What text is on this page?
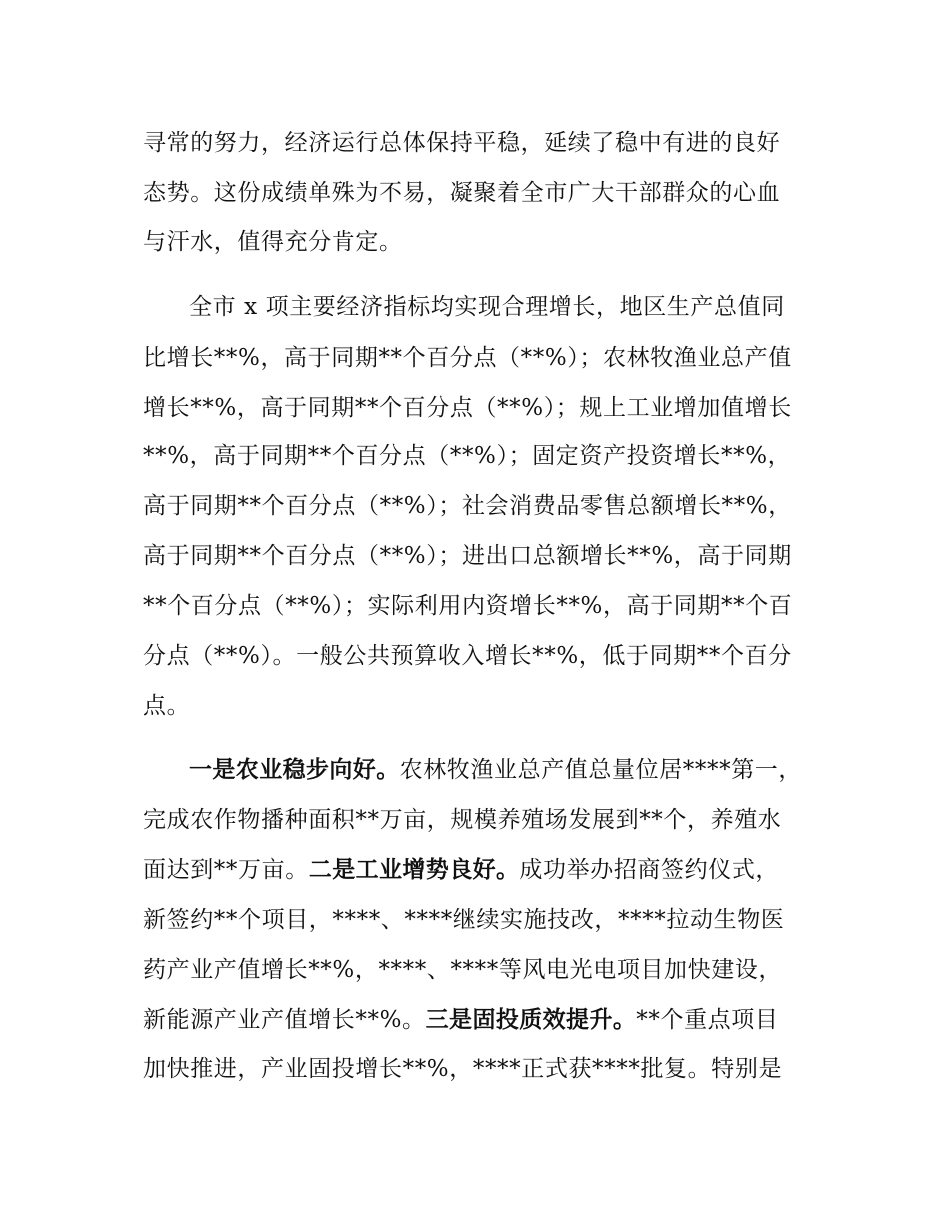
寻常的努力，经济运行总体保持平稳，延续了稳中有进的良好
态势。这份成绩单殊为不易，凝聚着全市广大干部群众的心血
与汗水，值得充分肯定。
全市 x 项主要经济指标均实现合理增长，地区生产总值同
比增长**%，高于同期**个百分点（**%）；农林牧渔业总产值
增长**%，高于同期**个百分点（**%）；规上工业增加值增长
**%，高于同期**个百分点（**%）；固定资产投资增长**%，
高于同期**个百分点（**%）；社会消费品零售总额增长**%，
高于同期**个百分点（**%）；进出口总额增长**%，高于同期
**个百分点（**%）；实际利用内资增长**%，高于同期**个百
分点（**%）。一般公共预算收入增长**%，低于同期**个百分
点。
一是农业稳步向好。农林牧渔业总产值总量位居****第一，
完成农作物播种面积**万亩，规模养殖场发展到**个，养殖水
面达到**万亩。二是工业增势良好。成功举办招商签约仪式，
新签约**个项目，****、****继续实施技改，****拉动生物医
药产业产值增长**%，****、****等风电光电项目加快建设，
新能源产业产值增长**%。三是固投质效提升。**个重点项目
加快推进，产业固投增长**%，****正式获****批复。特别是
